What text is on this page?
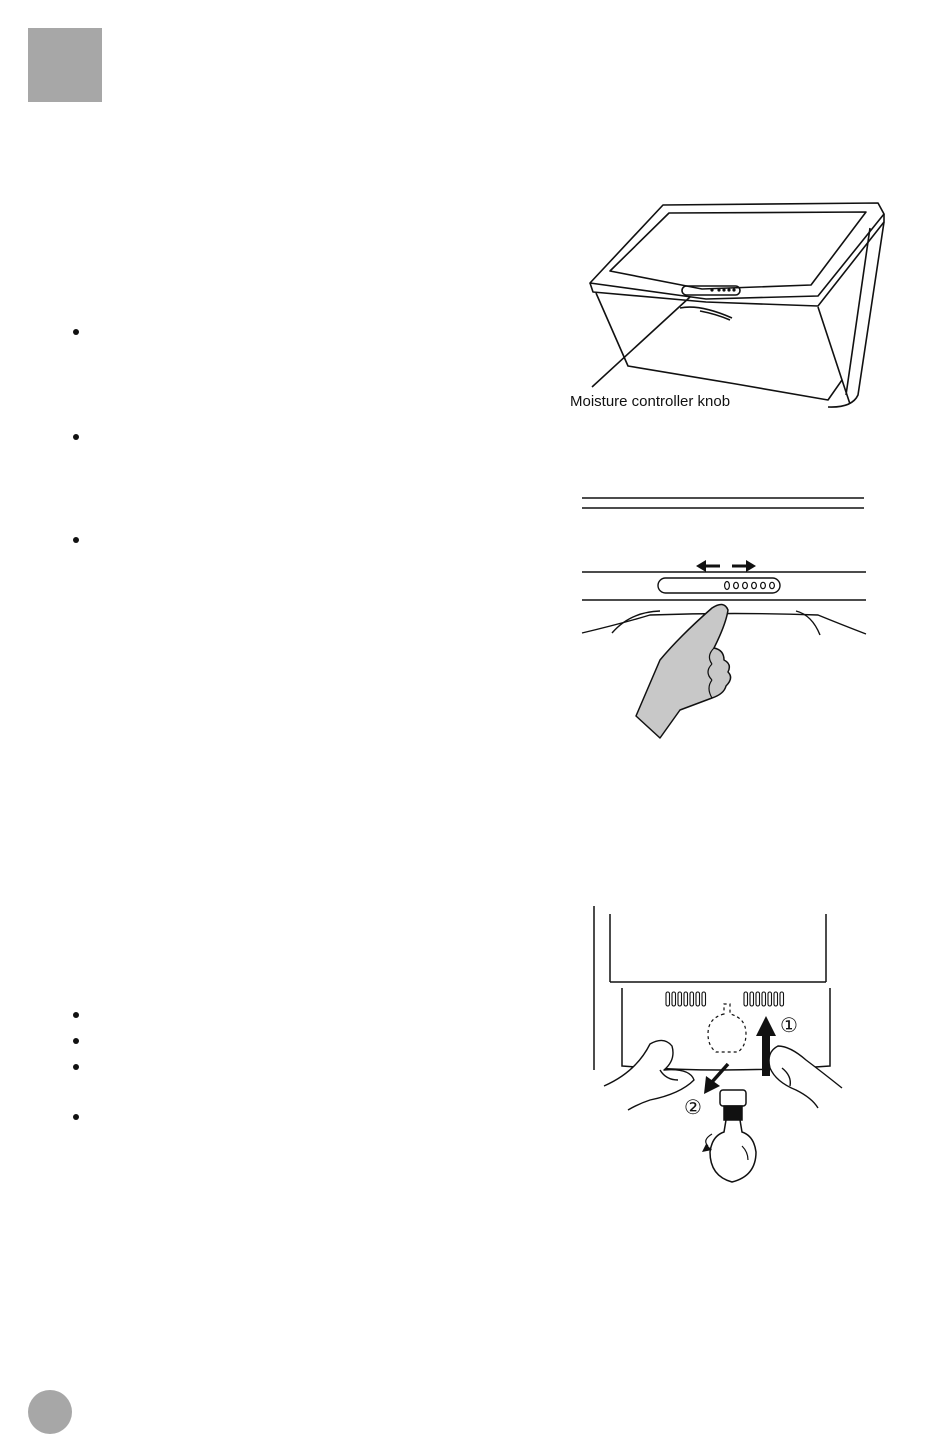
Moisture controller knob
①
②
